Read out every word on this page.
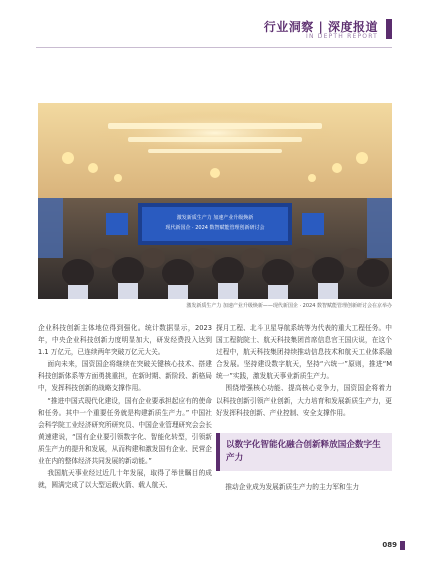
行业洞察 | 深度报道
IN DEPTH REPORT
激发新质生产力 加速产业升级焕新
现代新国企 · 2024 数智赋能管理创新研讨会
激发新质生产力 加速产业升级焕新——现代新国企 · 2024 数智赋能管理创新研讨会在京举办

企业科技创新主体地位得到强化。统计数据显示，2023 年，中央企业科技创新力度明显加大，研发经费投入达到 1.1 万亿元，已连续两年突破万亿元大关。

面向未来，国资国企将继续在突破关键核心技术、搭建科技创新体系等方面勇挑重担，在新时期、新阶段、新格局中，发挥科技创新的战略支撑作用。

“推进中国式现代化建设，国有企业要承担起应有的使命和任务。其中一个重要任务就是构建新质生产力。” 中国社会科学院工业经济研究所研究员、中国企业管理研究会会长黄速建说，“国有企业要引领数字化、智能化转型，引领新质生产力的提升和发展，从而构建和激发国有企业、民营企业在内的整体经济共同发展的新动能。”

我国航天事业经过近几十年发展，取得了举世瞩目的成就，圆满完成了以大型运载火箭、载人航天、

探月工程、北斗卫星导航系统等为代表的重大工程任务。中国工程院院士、航天科技集团首席信息官王国庆说，在这个过程中，航天科技集团持续推动信息技术和航天工业体系融合发展。坚持建设数字航天，坚持“六统一”原则，推进“M 统一”实践，激发航天事业新质生产力。

围绕增强核心功能、提高核心竞争力，国资国企将着力以科技创新引领产业创新，大力培育和发展新质生产力，更好发挥科技创新、产业控制、安全支撑作用。

以数字化智能化融合创新释放国企数字生产力

推动企业成为发展新质生产力的主力军和生力

089
